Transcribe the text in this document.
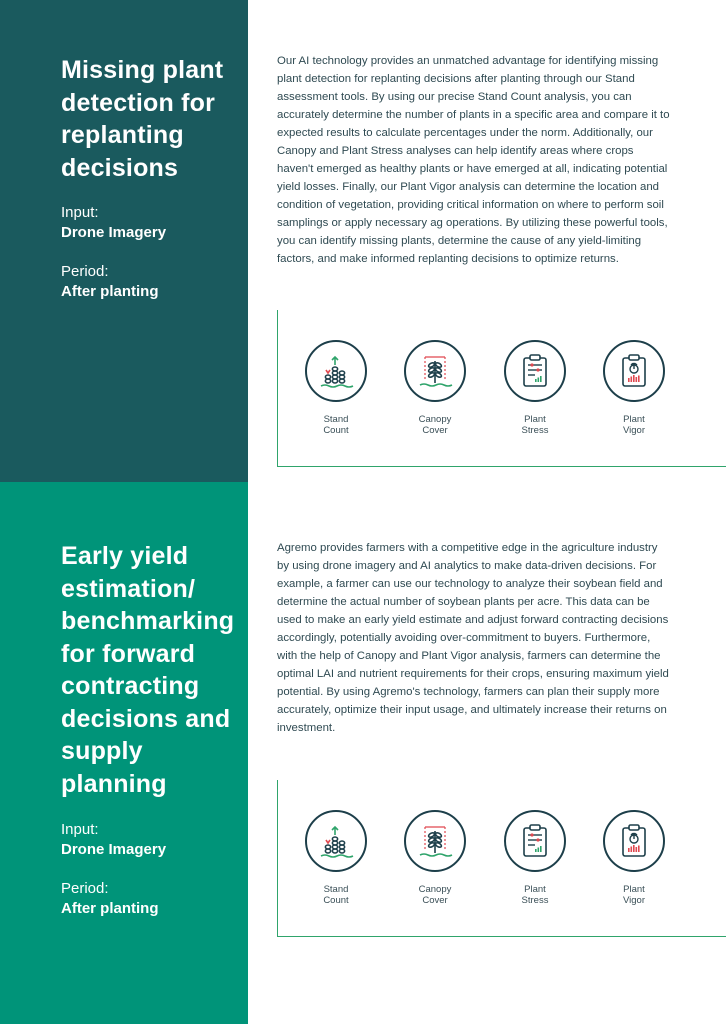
Missing plant detection for replanting decisions
Input:
Drone Imagery
Period:
After planting

Our AI technology provides an unmatched advantage for identifying missing plant detection for replanting decisions after planting through our Stand assessment tools. By using our precise Stand Count analysis, you can accurately determine the number of plants in a specific area and compare it to expected results to calculate percentages under the norm. Additionally, our Canopy and Plant Stress analyses can help identify areas where crops haven't emerged as healthy plants or have emerged at all, indicating potential yield losses. Finally, our Plant Vigor analysis can determine the location and condition of vegetation, providing critical information on where to perform soil samplings or apply necessary ag operations. By utilizing these powerful tools, you can identify missing plants, determine the cause of any yield-limiting factors, and make informed replanting decisions to optimize returns.

Stand
Count
Canopy
Cover
Plant
Stress
Plant
Vigor
Early yield estimation/ benchmarking for forward contracting decisions and supply planning
Input:
Drone Imagery
Period:
After planting

Agremo provides farmers with a competitive edge in the agriculture industry by using drone imagery and AI analytics to make data-driven decisions. For example, a farmer can use our technology to analyze their soybean field and determine the actual number of soybean plants per acre. This data can be used to make an early yield estimate and adjust forward contracting decisions accordingly, potentially avoiding over-commitment to buyers. Furthermore, with the help of Canopy and Plant Vigor analysis, farmers can determine the optimal LAI and nutrient requirements for their crops, ensuring maximum yield potential. By using Agremo's technology, farmers can plan their supply more accurately, optimize their input usage, and ultimately increase their returns on investment.

Stand
Count
Canopy
Cover
Plant
Stress
Plant
Vigor
